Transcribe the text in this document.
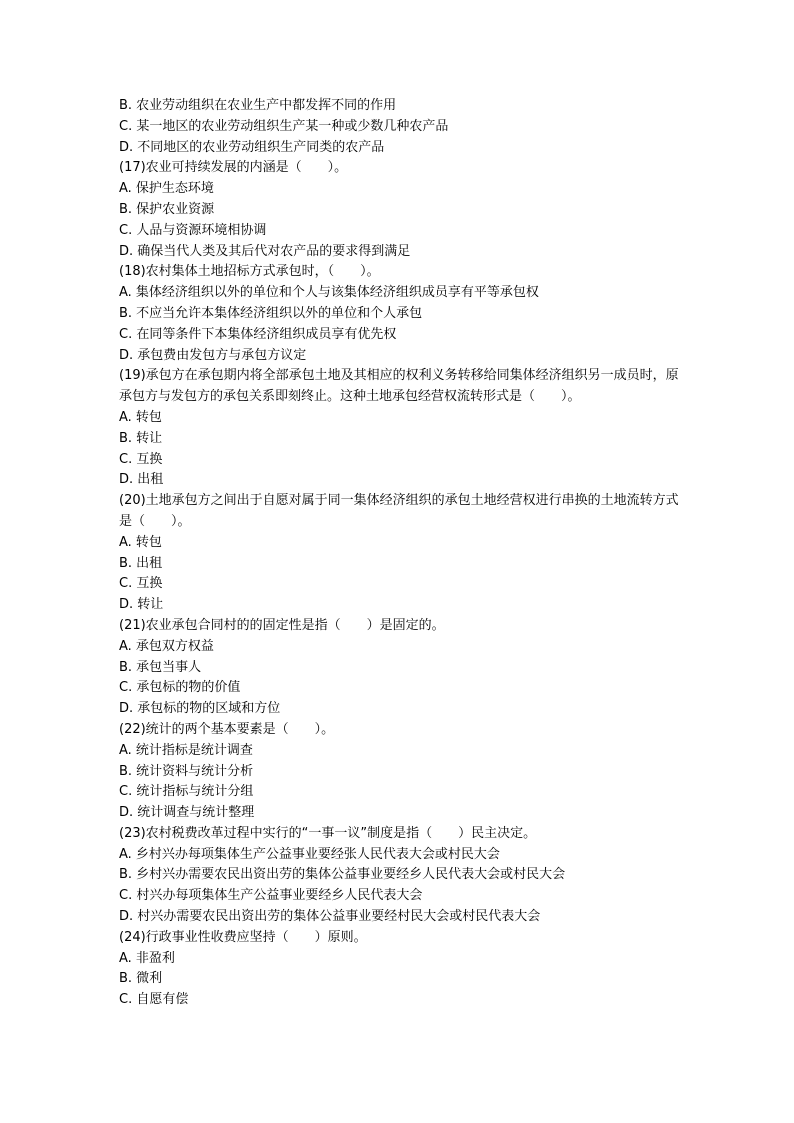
B. 农业劳动组织在农业生产中都发挥不同的作用
C. 某一地区的农业劳动组织生产某一种或少数几种农产品
D. 不同地区的农业劳动组织生产同类的农产品
(17)农业可持续发展的内涵是（　　）。
A. 保护生态环境
B. 保护农业资源
C. 人品与资源环境相协调
D. 确保当代人类及其后代对农产品的要求得到满足
(18)农村集体土地招标方式承包时，（　　）。
A. 集体经济组织以外的单位和个人与该集体经济组织成员享有平等承包权
B. 不应当允许本集体经济组织以外的单位和个人承包
C. 在同等条件下本集体经济组织成员享有优先权
D. 承包费由发包方与承包方议定
(19)承包方在承包期内将全部承包土地及其相应的权利义务转移给同集体经济组织另一成员时，原承包方与发包方的承包关系即刻终止。这种土地承包经营权流转形式是（　　）。
A. 转包
B. 转让
C. 互换
D. 出租
(20)土地承包方之间出于自愿对属于同一集体经济组织的承包土地经营权进行串换的土地流转方式是（　　）。
A. 转包
B. 出租
C. 互换
D. 转让
(21)农业承包合同村的的固定性是指（　　）是固定的。
A. 承包双方权益
B. 承包当事人
C. 承包标的物的价值
D. 承包标的物的区域和方位
(22)统计的两个基本要素是（　　）。
A. 统计指标是统计调查
B. 统计资料与统计分析
C. 统计指标与统计分组
D. 统计调查与统计整理
(23)农村税费改革过程中实行的“一事一议”制度是指（　　）民主决定。
A. 乡村兴办每项集体生产公益事业要经张人民代表大会或村民大会
B. 乡村兴办需要农民出资出劳的集体公益事业要经乡人民代表大会或村民大会
C. 村兴办每项集体生产公益事业要经乡人民代表大会
D. 村兴办需要农民出资出劳的集体公益事业要经村民大会或村民代表大会
(24)行政事业性收费应坚持（　　）原则。
A. 非盈利
B. 微利
C. 自愿有偿
